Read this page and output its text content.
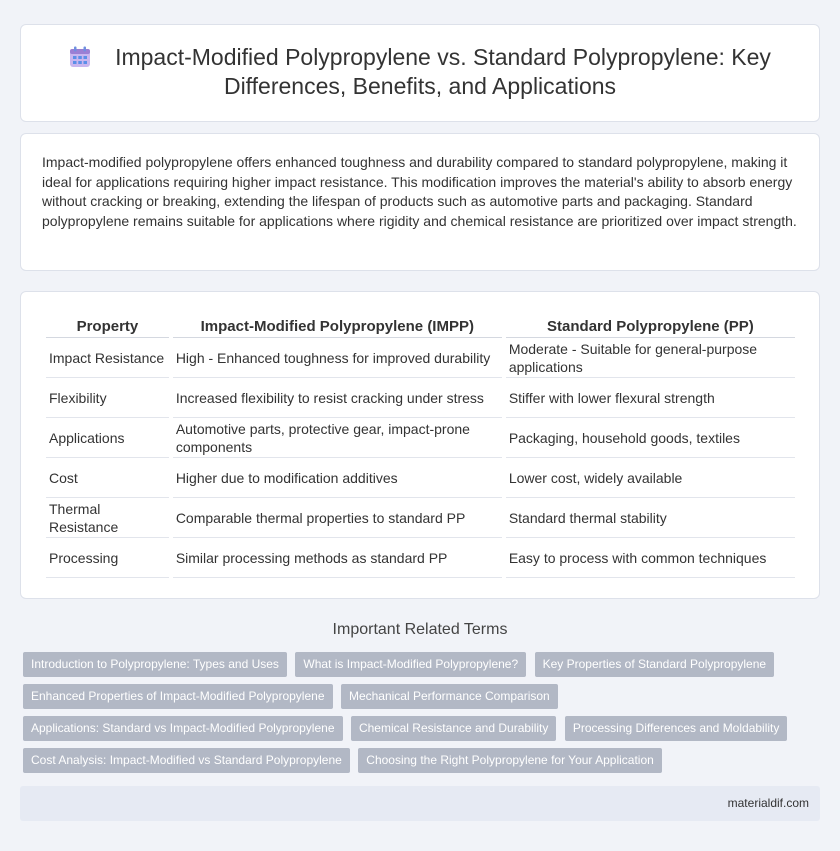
Impact-Modified Polypropylene vs. Standard Polypropylene: Key
Differences, Benefits, and Applications

Impact-modified polypropylene offers enhanced toughness and durability compared to standard polypropylene, making it ideal for applications requiring higher impact resistance. This modification improves the material's ability to absorb energy without cracking or breaking, extending the lifespan of products such as automotive parts and packaging. Standard polypropylene remains suitable for applications where rigidity and chemical resistance are prioritized over impact strength.

Property	Impact-Modified Polypropylene (IMPP)	Standard Polypropylene (PP)
Impact Resistance	High - Enhanced toughness for improved durability	Moderate - Suitable for general-purpose applications
Flexibility	Increased flexibility to resist cracking under stress	Stiffer with lower flexural strength
Applications	Automotive parts, protective gear, impact-prone components	Packaging, household goods, textiles
Cost	Higher due to modification additives	Lower cost, widely available
Thermal Resistance	Comparable thermal properties to standard PP	Standard thermal stability
Processing	Similar processing methods as standard PP	Easy to process with common techniques
Important Related Terms
Introduction to Polypropylene: Types and Uses What is Impact-Modified Polypropylene? Key Properties of Standard Polypropylene
Enhanced Properties of Impact-Modified Polypropylene Mechanical Performance Comparison
Applications: Standard vs Impact-Modified Polypropylene Chemical Resistance and Durability Processing Differences and Moldability
Cost Analysis: Impact-Modified vs Standard Polypropylene Choosing the Right Polypropylene for Your Application
materialdif.com
